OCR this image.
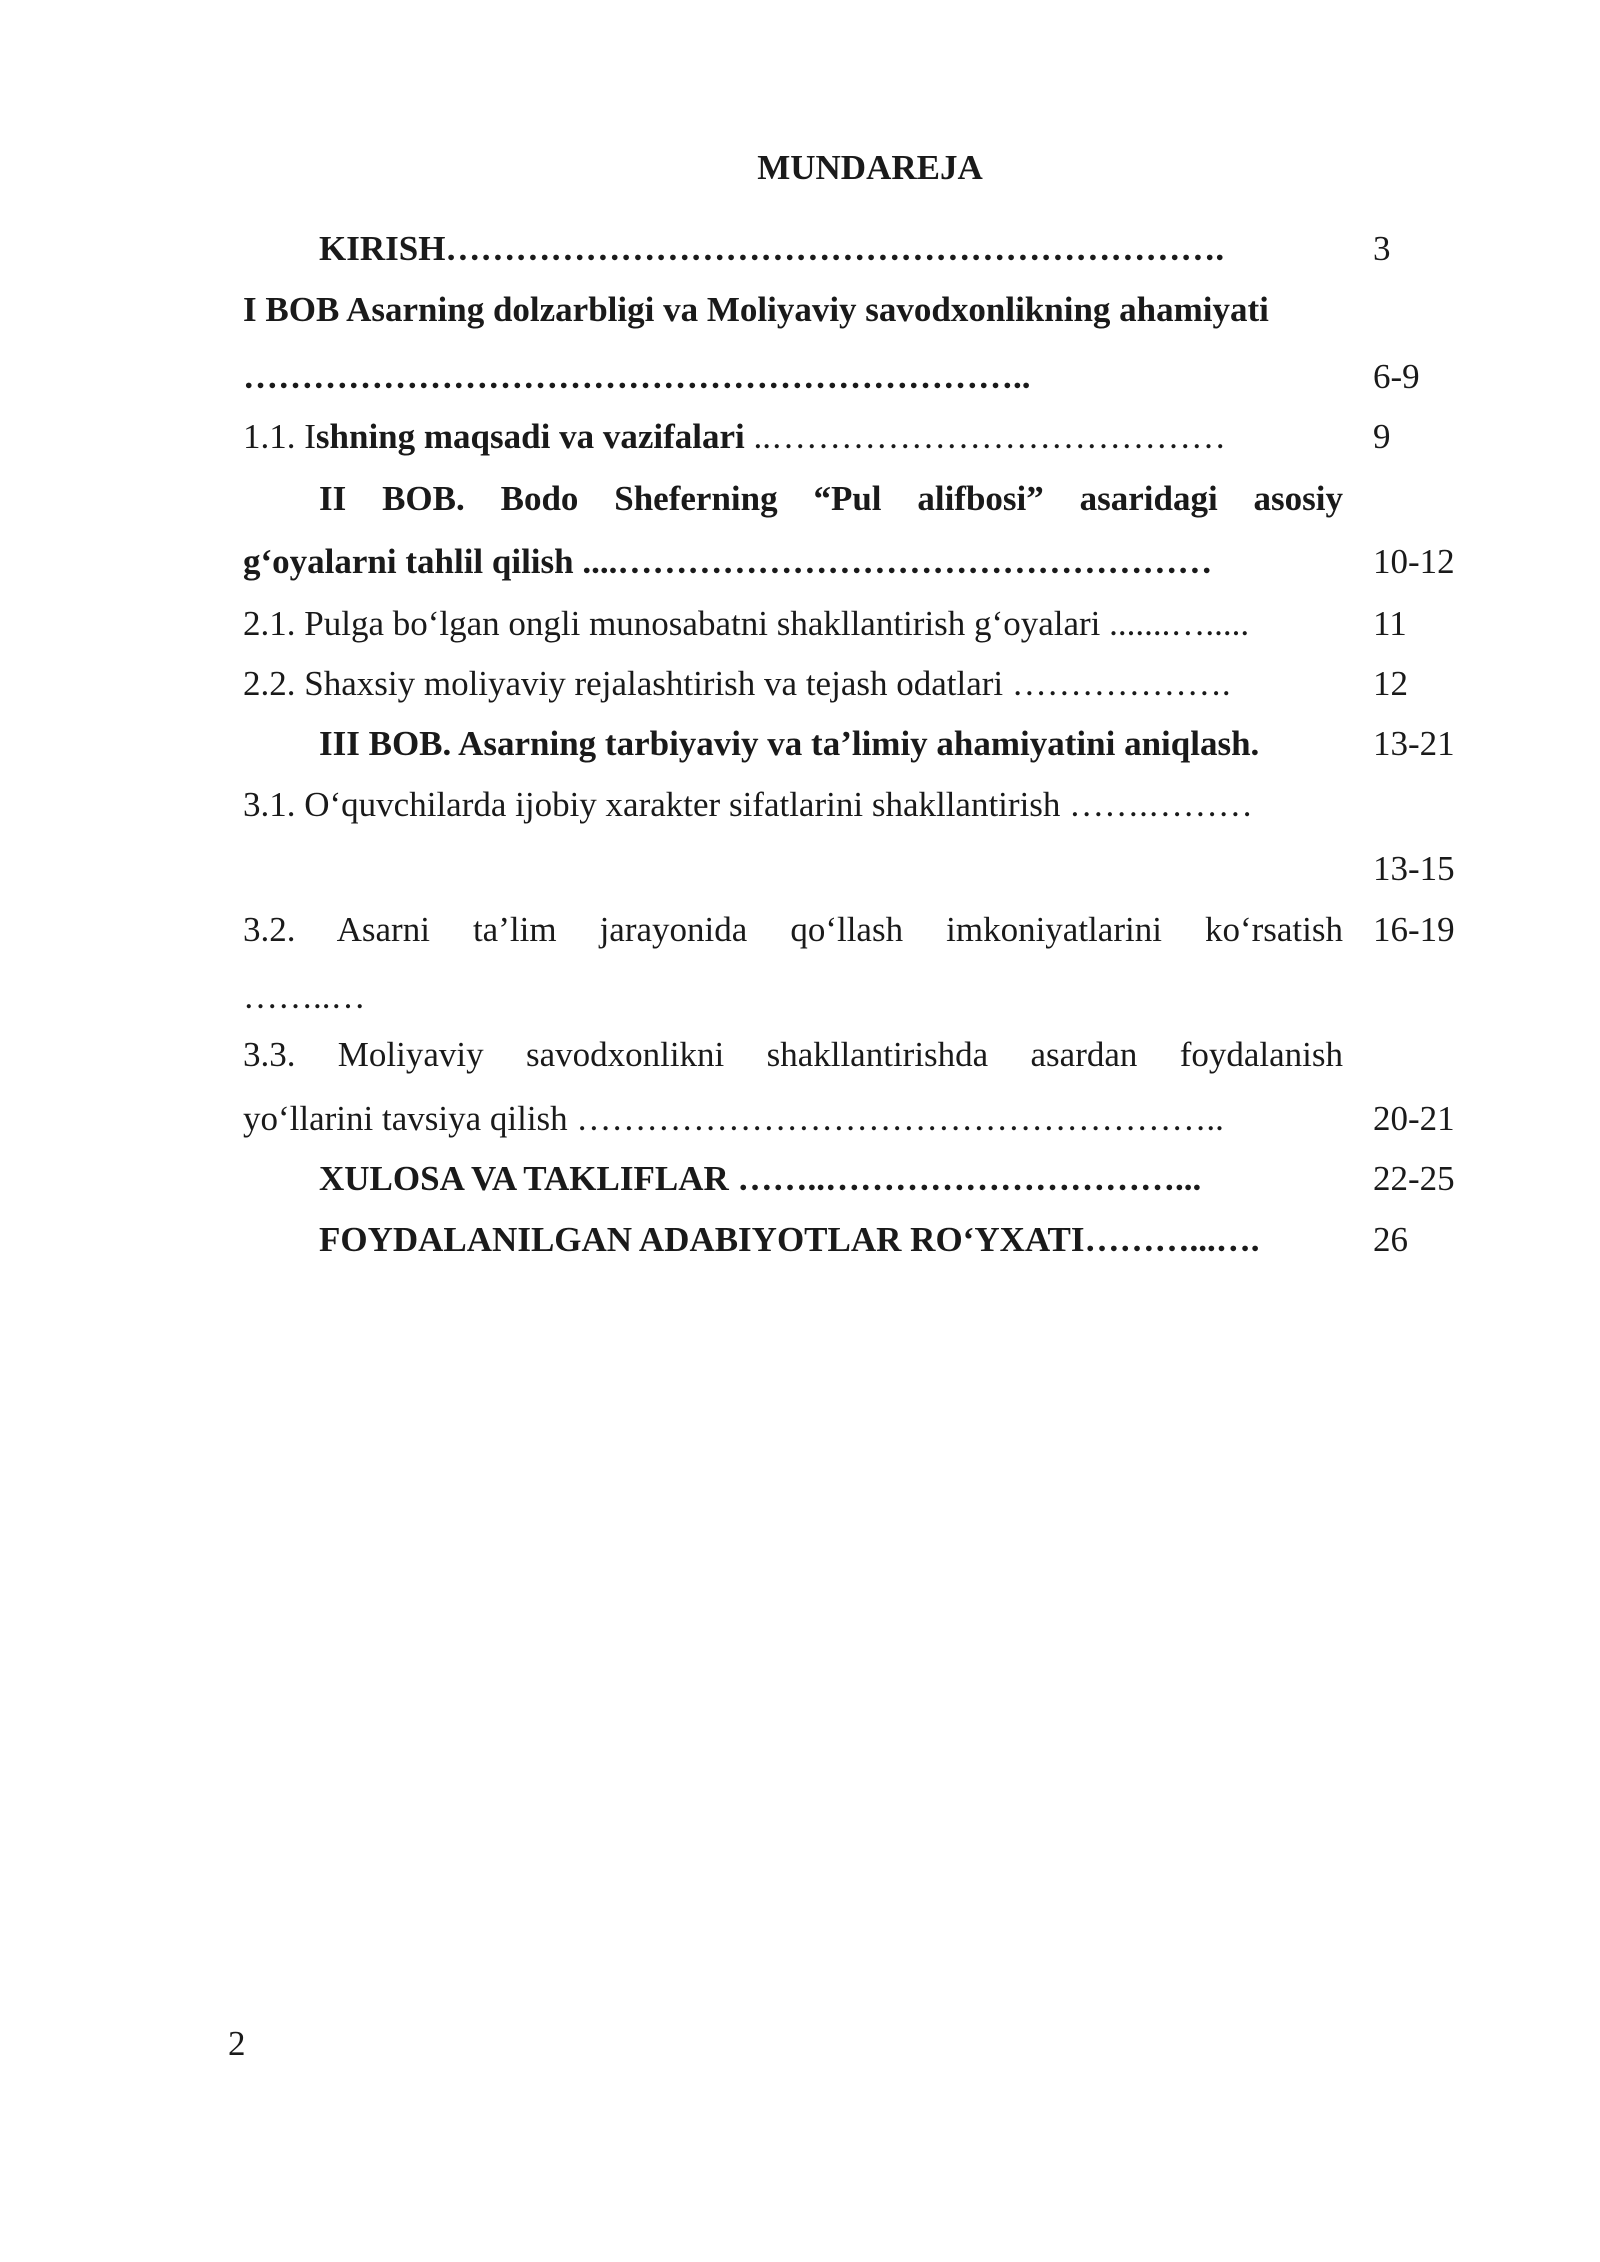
MUNDAREJA
KIRISH………………………………………………………….	3
I BOB Asarning dolzarbligi va Moliyaviy savodxonlikning ahamiyati
…………………………………………………………..	6-9
1.1. Ishning maqsadi va vazifalari ..…………………………………	9
II BOB. Bodo Sheferning “Pul alifbosi” asaridagi asosiy
g‘oyalarni tahlil qilish ....……………………………………………	10-12
2.1. Pulga bo‘lgan ongli munosabatni shakllantirish g‘oyalari .......….....	11
2.2. Shaxsiy moliyaviy rejalashtirish va tejash odatlari ……………….	12
III BOB. Asarning tarbiyaviy va ta’limiy ahamiyatini aniqlash.	13-21
3.1. O‘quvchilarda ijobiy xarakter sifatlarini shakllantirish …….………
13-15
3.2. Asarni ta’lim jarayonida qo‘llash imkoniyatlarini ko‘rsatish 16-19
……..…
3.3. Moliyaviy savodxonlikni shakllantirishda asardan foydalanish
yo‘llarini tavsiya qilish ………………………………………………..	20-21
XULOSA VA TAKLIFLAR ……..…………………………...	22-25
FOYDALANILGAN ADABIYOTLAR RO‘YXATI………...….	26
2
